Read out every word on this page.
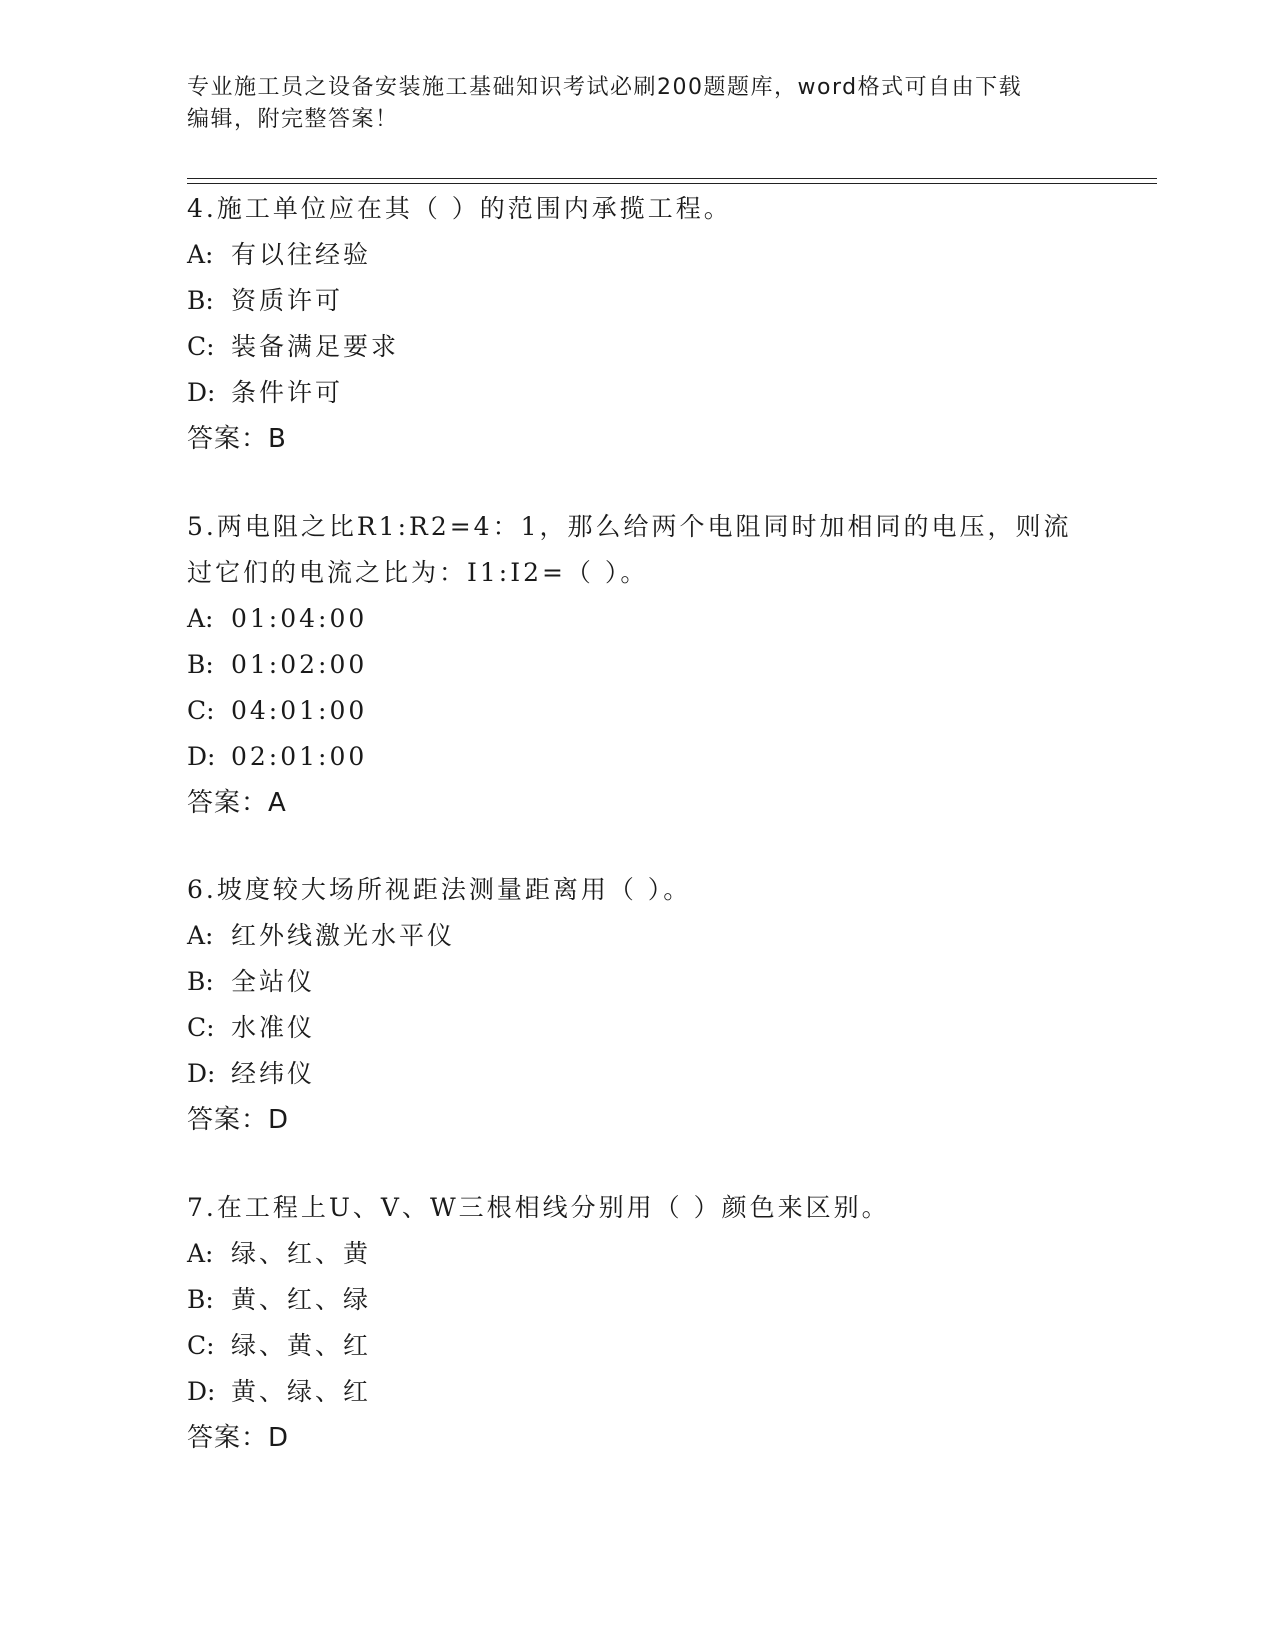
专业施工员之设备安装施工基础知识考试必刷200题题库，word格式可自由下载
编辑，附完整答案！
4.施工单位应在其（ ）的范围内承揽工程。
A: 有以往经验
B: 资质许可
C: 装备满足要求
D: 条件许可
答案：B
5.两电阻之比R1:R2=4：1，那么给两个电阻同时加相同的电压，则流过它们的电流之比为：I1:I2=（ ）。
A: 01:04:00
B: 01:02:00
C: 04:01:00
D: 02:01:00
答案：A
6.坡度较大场所视距法测量距离用（ ）。
A: 红外线激光水平仪
B: 全站仪
C: 水准仪
D: 经纬仪
答案：D
7.在工程上U、V、W三根相线分别用（ ）颜色来区别。
A: 绿、红、黄
B: 黄、红、绿
C: 绿、黄、红
D: 黄、绿、红
答案：D
